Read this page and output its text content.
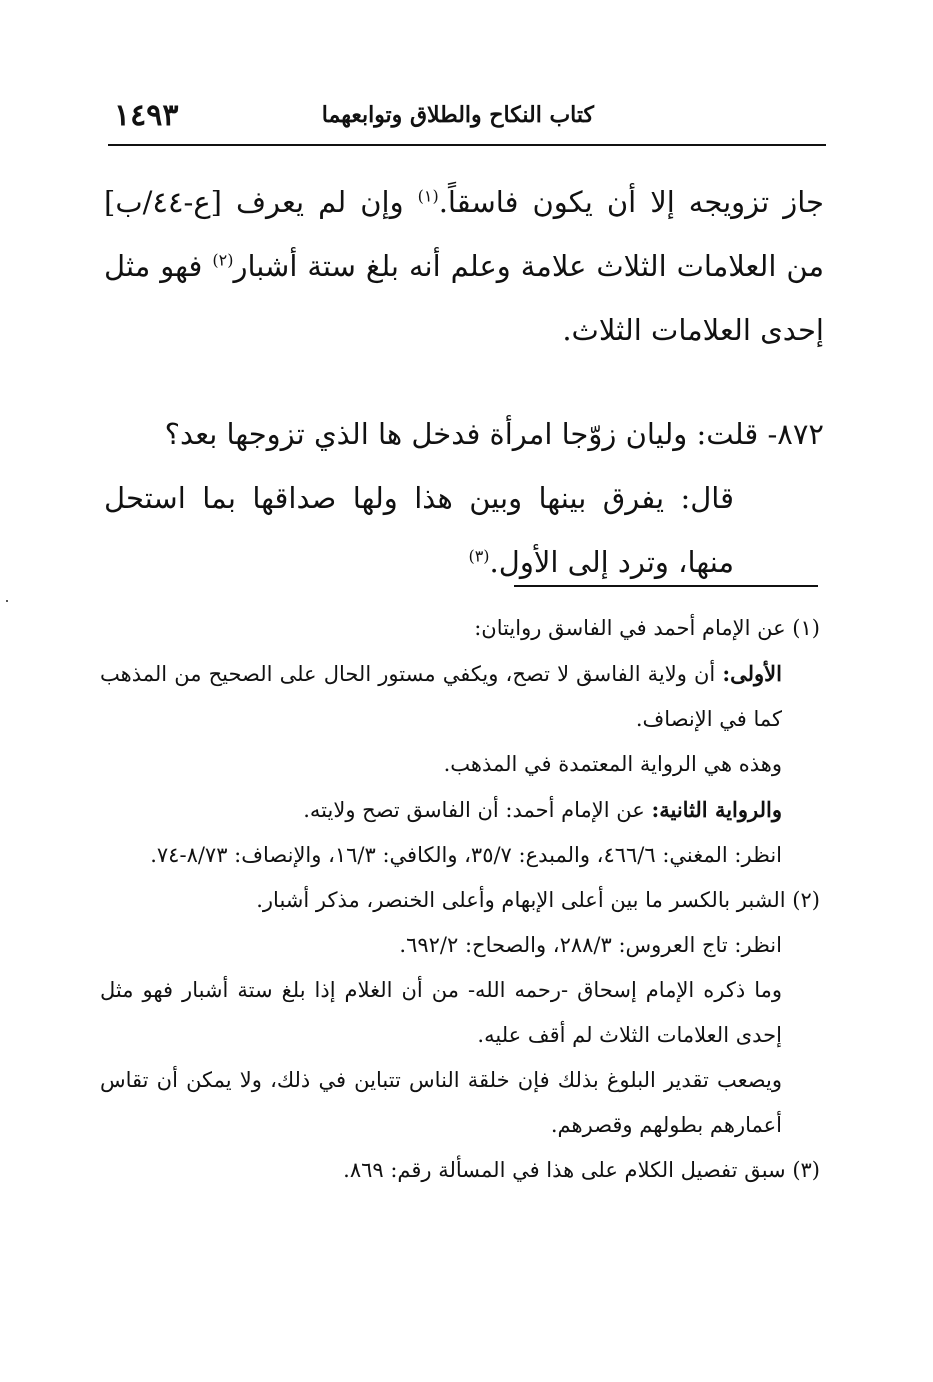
١٤٩٣	كتاب النكاح والطلاق وتوابعهما

جاز تزويجه إلا أن يكون فاسقاً.$^{(١)}$ وإن لم يعرف [ع-٤٤/ب] من العلامات الثلاث علامة وعلم أنه بلغ ستة أشبار$^{(٢)}$ فهو مثل إحدى العلامات الثلاث.

٨٧٢- قلت: وليان زوّجا امرأة فدخل ها الذي تزوجها بعد؟

قال: يفرق بينها وبين هذا ولها صداقها بما استحل منها، وترد إلى الأول.$^{(٣)}$

(١) عن الإمام أحمد في الفاسق روايتان:

الأولى: أن ولاية الفاسق لا تصح، ويكفي مستور الحال على الصحيح من المذهب كما في الإنصاف.

وهذه هي الرواية المعتمدة في المذهب.

والرواية الثانية: عن الإمام أحمد: أن الفاسق تصح ولايته.

انظر: المغني: ٤٦٦/٦، والمبدع: ٣٥/٧، والكافي: ١٦/٣، والإنصاف: ٨/٧٣-٧٤.

(٢) الشبر بالكسر ما بين أعلى الإبهام وأعلى الخنصر، مذكر أشبار.

انظر: تاج العروس: ٢٨٨/٣، والصحاح: ٦٩٢/٢.

وما ذكره الإمام إسحاق -رحمه الله- من أن الغلام إذا بلغ ستة أشبار فهو مثل إحدى العلامات الثلاث لم أقف عليه.

ويصعب تقدير البلوغ بذلك فإن خلقة الناس تتباين في ذلك، ولا يمكن أن تقاس أعمارهم بطولهم وقصرهم.

(٣) سبق تفصيل الكلام على هذا في المسألة رقم: ٨٦٩.
